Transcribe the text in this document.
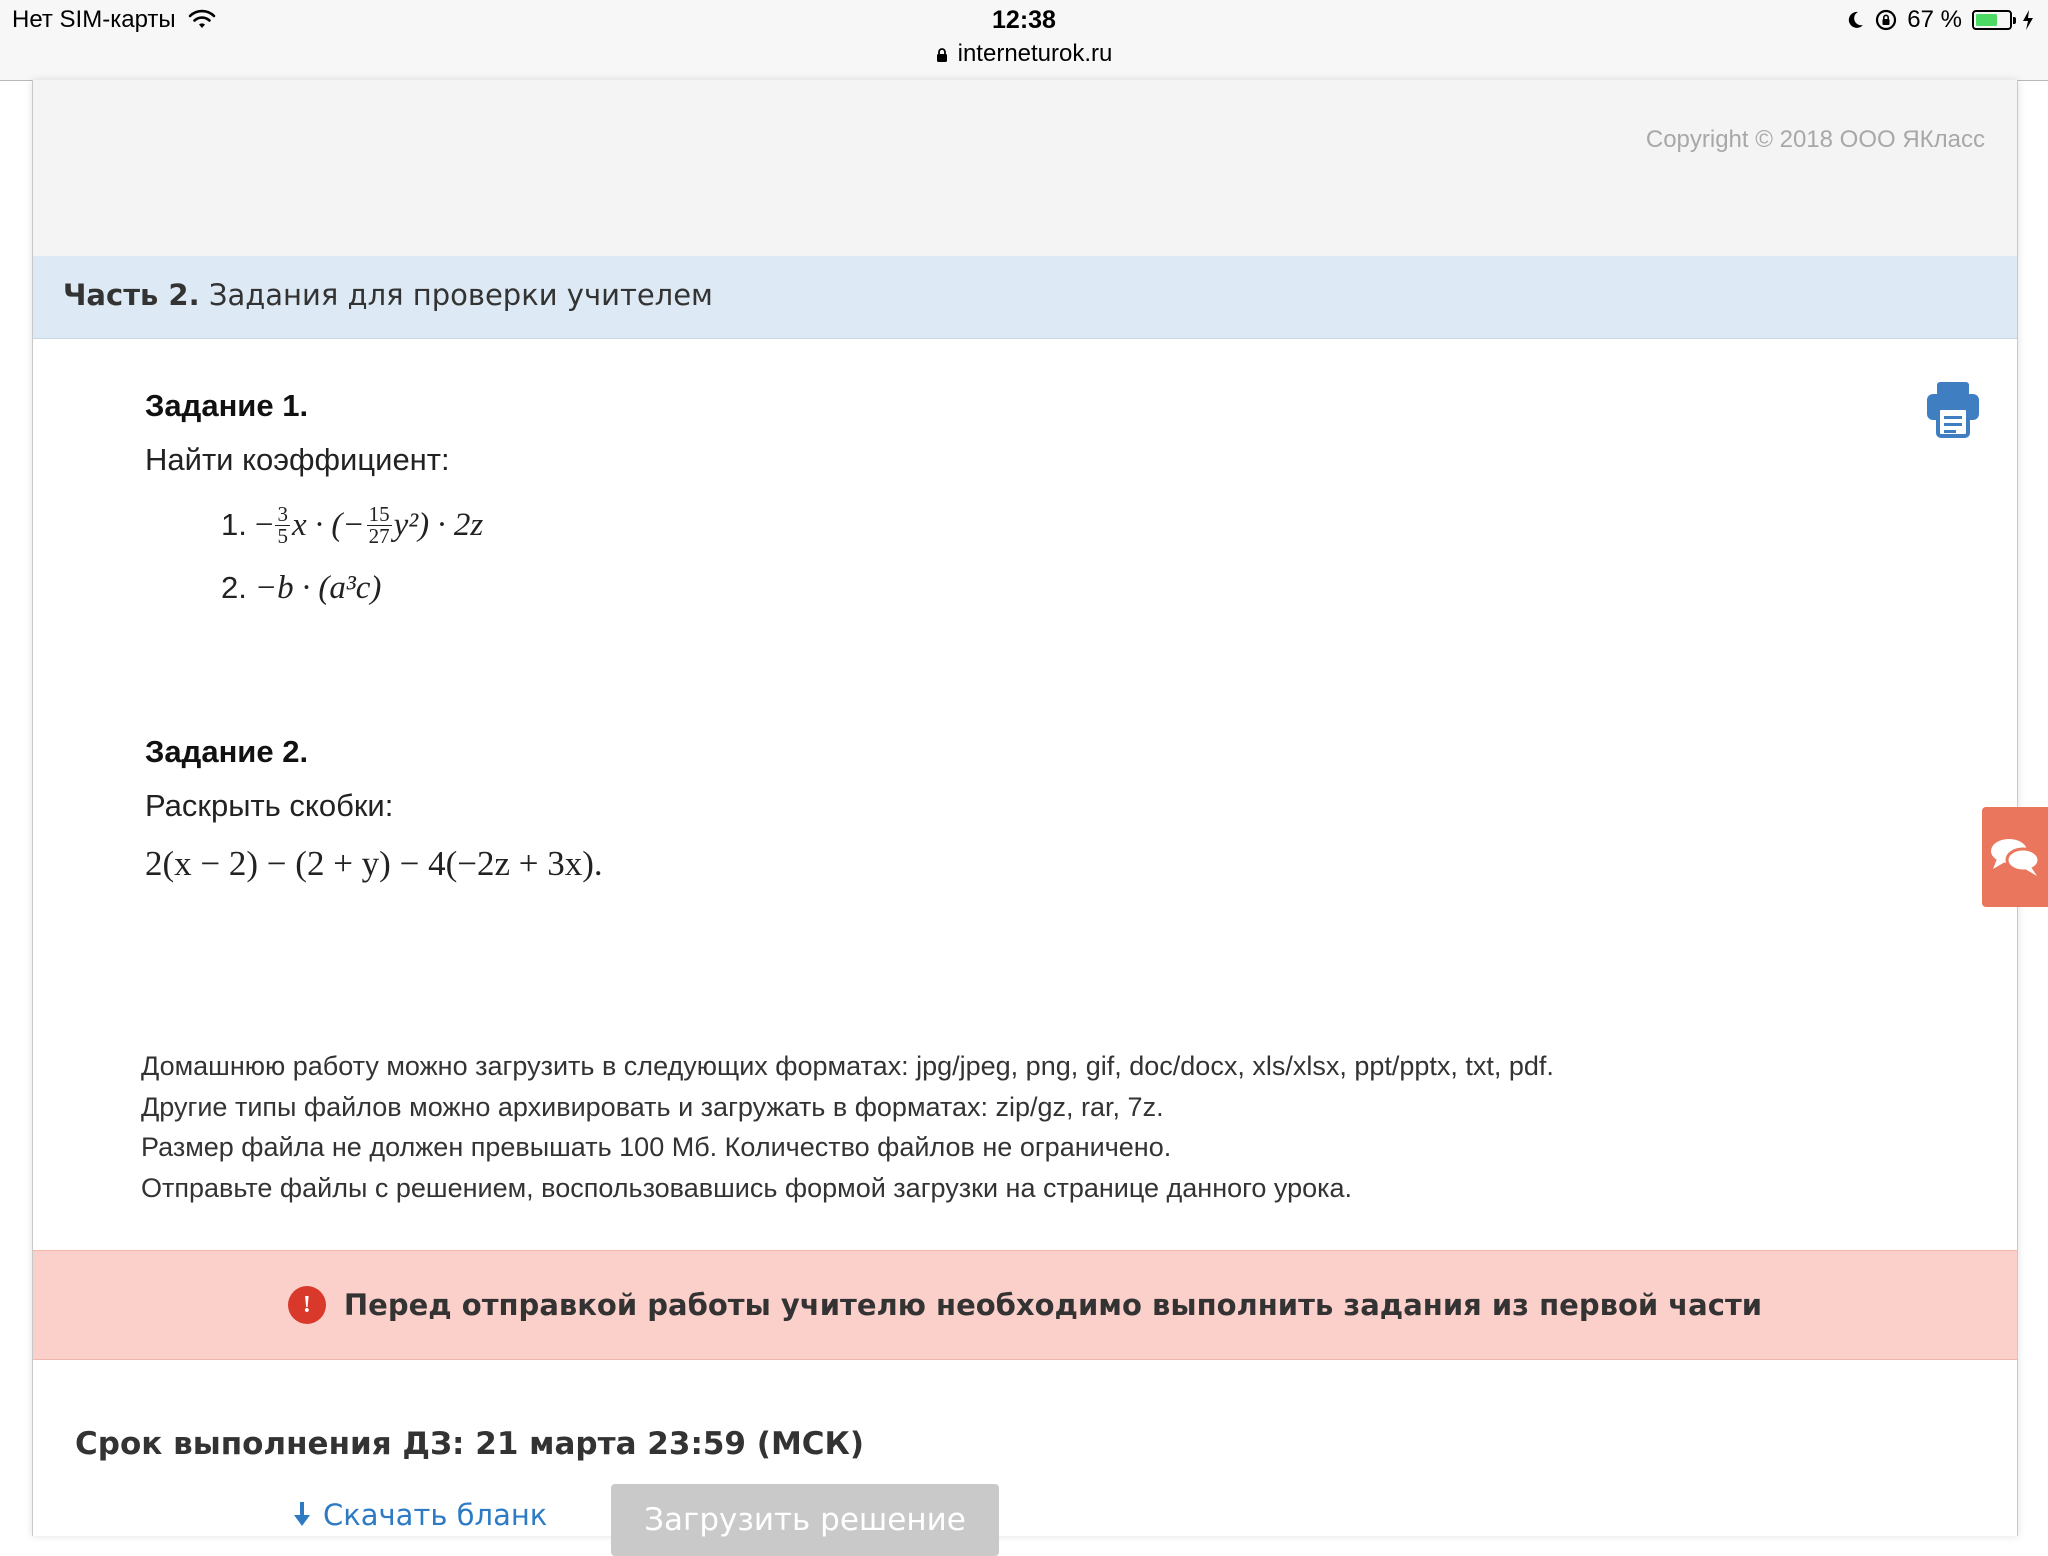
Нет SIM-карты	12:38
interneturok.ru
67 %
Copyright © 2018 ООО ЯКласс
Часть 2. Задания для проверки учителем
Задание 1.
Найти коэффициент:
1. − $\frac{3}{5}$ x · (− $\frac{15}{27} y^2) \cdot 2z$
2. −b · (a³c)
Задание 2.
Раскрыть скобки:
2(x − 2) − (2 + y) − 4(−2z + 3x).
Домашнюю работу можно загрузить в следующих форматах: jpg/jpeg, png, gif, doc/docx, xls/xlsx, ppt/pptx, txt, pdf.
Другие типы файлов можно архивировать и загружать в форматах: zip/gz, rar, 7z.
Размер файла не должен превышать 100 Мб. Количество файлов не ограничено.
Отправьте файлы с решением, воспользовавшись формой загрузки на странице данного урока.
!	Перед отправкой работы учителю необходимо выполнить задания из первой части
Срок выполнения ДЗ: 21 марта 23:59 (МСК)
Скачать бланк	Загрузить решение
